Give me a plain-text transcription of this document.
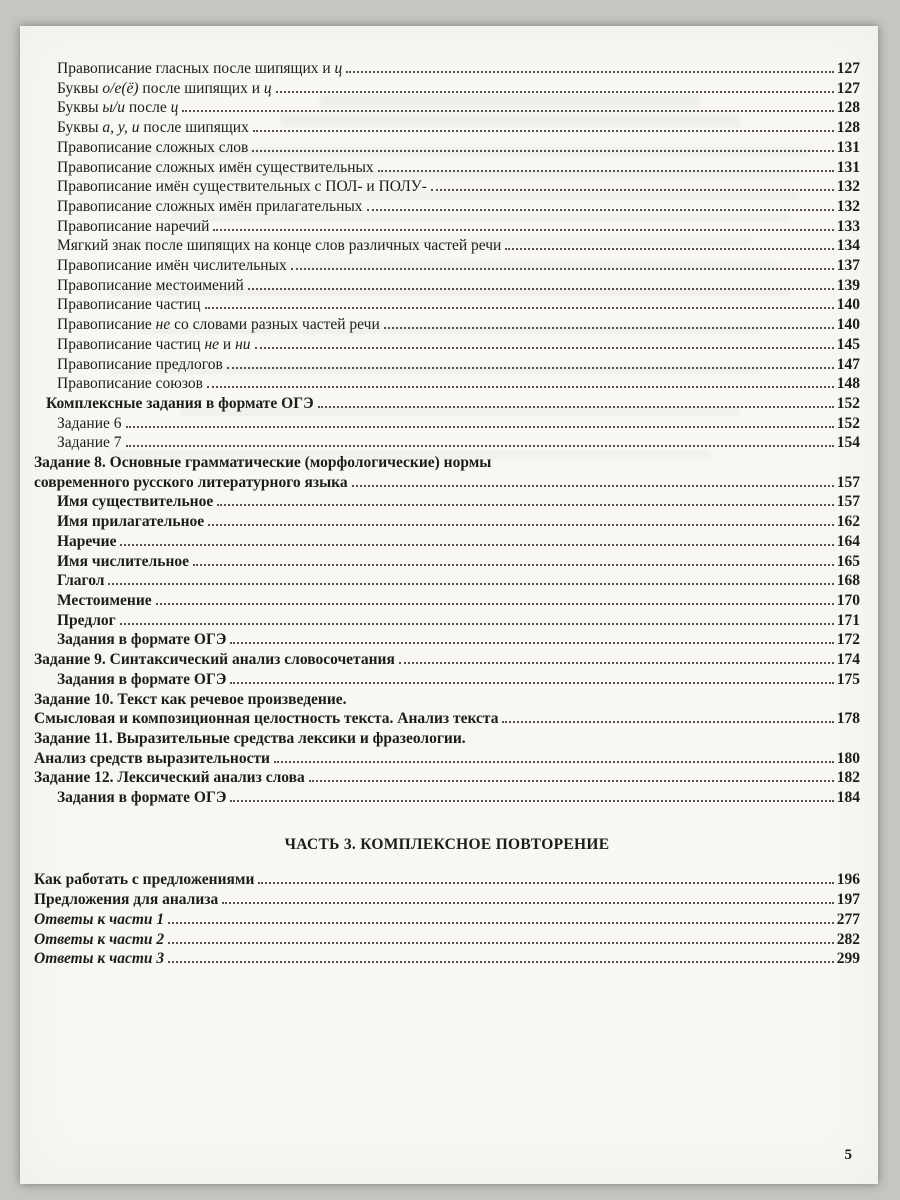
Правописание гласных после шипящих и ц	127
Буквы о/е(ё) после шипящих и ц	127
Буквы ы/и после ц	128
Буквы а, у, и после шипящих	128
Правописание сложных слов	131
Правописание сложных имён существительных	131
Правописание имён существительных с ПОЛ- и ПОЛУ-	132
Правописание сложных имён прилагательных	132
Правописание наречий	133
Мягкий знак после шипящих на конце слов различных частей речи	134
Правописание имён числительных	137
Правописание местоимений	139
Правописание частиц	140
Правописание не со словами разных частей речи	140
Правописание частиц не и ни	145
Правописание предлогов	147
Правописание союзов	148
Комплексные задания в формате ОГЭ	152
Задание 6	152
Задание 7	154
Задание 8. Основные грамматические (морфологические) нормы
современного русского литературного языка	157
Имя существительное	157
Имя прилагательное	162
Наречие	164
Имя числительное	165
Глагол	168
Местоимение	170
Предлог	171
Задания в формате ОГЭ	172
Задание 9. Синтаксический анализ словосочетания	174
Задания в формате ОГЭ	175
Задание 10. Текст как речевое произведение.
Смысловая и композиционная целостность текста. Анализ текста	178
Задание 11. Выразительные средства лексики и фразеологии.
Анализ средств выразительности	180
Задание 12. Лексический анализ слова	182
Задания в формате ОГЭ	184
ЧАСТЬ 3. КОМПЛЕКСНОЕ ПОВТОРЕНИЕ
Как работать с предложениями	196
Предложения для анализа	197
Ответы к части 1	277
Ответы к части 2	282
Ответы к части 3	299
5
